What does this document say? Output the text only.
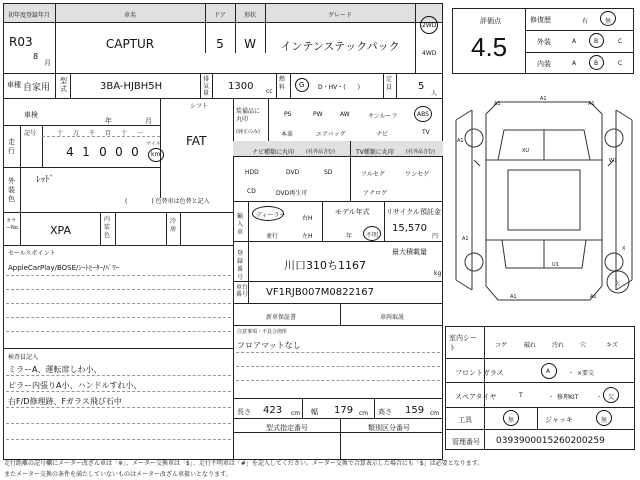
初年度登録年月	車名	ドア	形状	グレード
R03
8
月
CAPTUR	5	W	インテンステックパック
2WD
4WD
車種 自家用
型式	3BA-HJBH5H
排気量
1300 cc
燃料 G D・HV・(　　)
定員	5
人
車検
年	月
シフト
FAT
走行
記号	十	万	千	百	十	一
4 1 0 0 0
マイル
km
外装色
ﾚｯﾄﾞ
(　　　　) 色替車は色替と記入
カラーNo.	XPA
内装色
冷房
セールスポイント
AppleCarPlay/BOSE/ｼｰﾄﾋｰﾀｰ/ﾊﾟﾜｰ
検査員記入
ミラーA、運転席しわ小、
ピラー内張りA小、ハンドルすれ小、
右F/D修理跡、Fガラス飛び石中
装備品に丸印
(純正のみ)
PS	PW	AW	サンルーフ	ABS
本革	エアバッグ	ナビ	TV
ナビ種類に丸印 (社外品含む)	TV種類に丸印 (社外品含む)
HDD	DVD	SD
CD	DVD再生可
フルセグ	ワンセグ
アナログ
輸入車
ディーラー
並行
右H
左H
モデル年式
年 不明
リサイクル預託金
15,570
円
登録番号
最大積載量
川口310ち1167
kg
車台番号 VF1RJB007M0822167
新車保証書	車両取説
注意事項・不具合箇所
フロアマットなし
長さ 423 cm 幅 179 cm 高さ 159 cm
型式指定番号	類別区分番号
評価点
4.5
修復歴	有	無
外装	A	B	C
内装	A	B	C
A1
A1	A1
A1
W1
XU
A1
U1
X
A1	A1
欠
室内シート	コゲ	破れ	汚れ	穴	キズ
フロントガラス	A	・ ×要交
スペアタイヤ	T	・ 修理KIT	・ 欠
工具	無	ジャッキ	無
管理番号 0393900015260200259
走行距離の記号欄にメーター改ざん車は「※」、メーター交換車は「$」、走行不明車は「#」を記入してください。メーター交換で合算表示した場合にも「$」は必要となります。
またメーター交換の条件を満たしていないものはメーター改ざん車扱いとなります。
